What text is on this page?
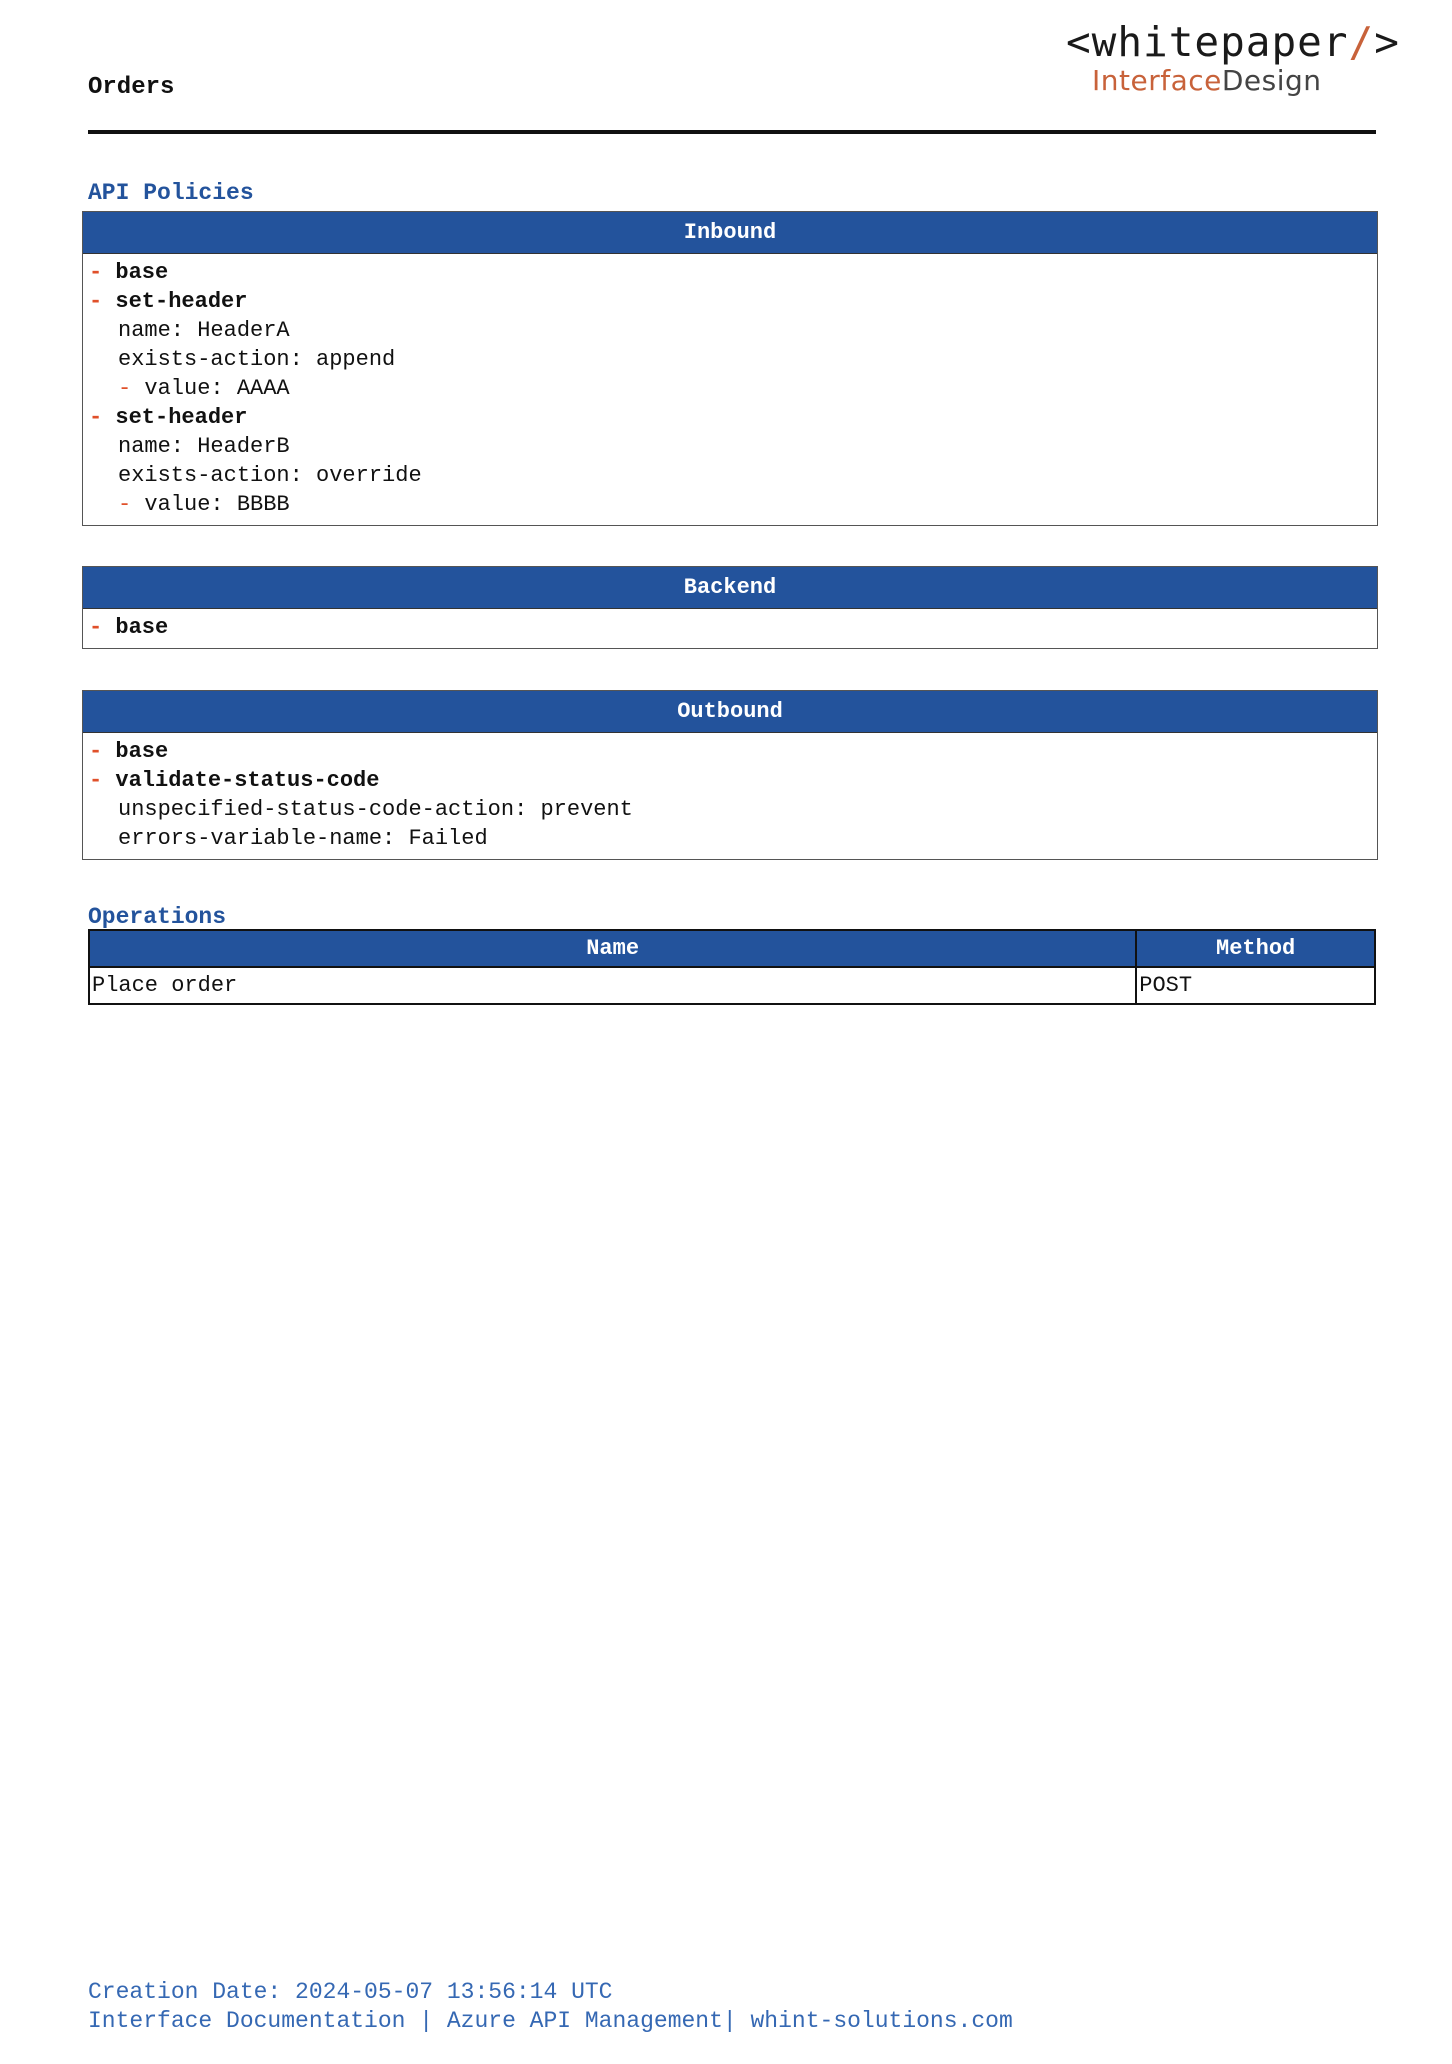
Orders
<whitepaper/>
InterfaceDesign
API Policies
Inbound
- base
- set-header
name: HeaderA
exists-action: append
- value: AAAA
- set-header
name: HeaderB
exists-action: override
- value: BBBB
Backend
- base
Outbound
- base
- validate-status-code
unspecified-status-code-action: prevent
errors-variable-name: Failed
Operations
Name	Method
Place order	POST
Creation Date: 2024-05-07 13:56:14 UTC
Interface Documentation | Azure API Management| whint-solutions.com
